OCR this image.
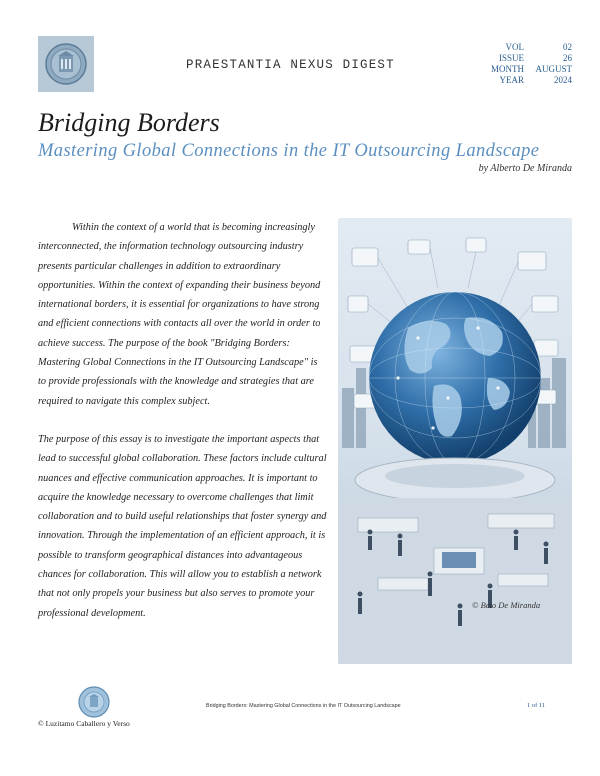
PRAESTANTIA NEXUS DIGEST
VOL	02
ISSUE	26
MONTH	AUGUST
YEAR	2024
Bridging Borders
Mastering Global Connections in the IT Outsourcing Landscape
by Alberto De Miranda

Within the context of a world that is becoming increasingly interconnected, the information technology outsourcing industry presents particular challenges in addition to extraordinary opportunities. Within the context of expanding their business beyond international borders, it is essential for organizations to have strong and efficient connections with contacts all over the world in order to achieve success. The purpose of the book "Bridging Borders: Mastering Global Connections in the IT Outsourcing Landscape" is to provide professionals with the knowledge and strategies that are required to navigate this complex subject.

The purpose of this essay is to investigate the important aspects that lead to successful global collaboration. These factors include cultural nuances and effective communication approaches. It is important to acquire the knowledge necessary to overcome challenges that limit collaboration and to build useful relationships that foster synergy and innovation. Through the implementation of an efficient approach, it is possible to transform geographical distances into advantageous chances for collaboration. This will allow you to establish a network that not only propels your business but also serves to promote your professional development.

© Beto De Miranda
Bridging Borders: Mastering Global Connections in the IT Outsourcing Landscape	1 of 11
© Luzitamo Caballero y Verso
